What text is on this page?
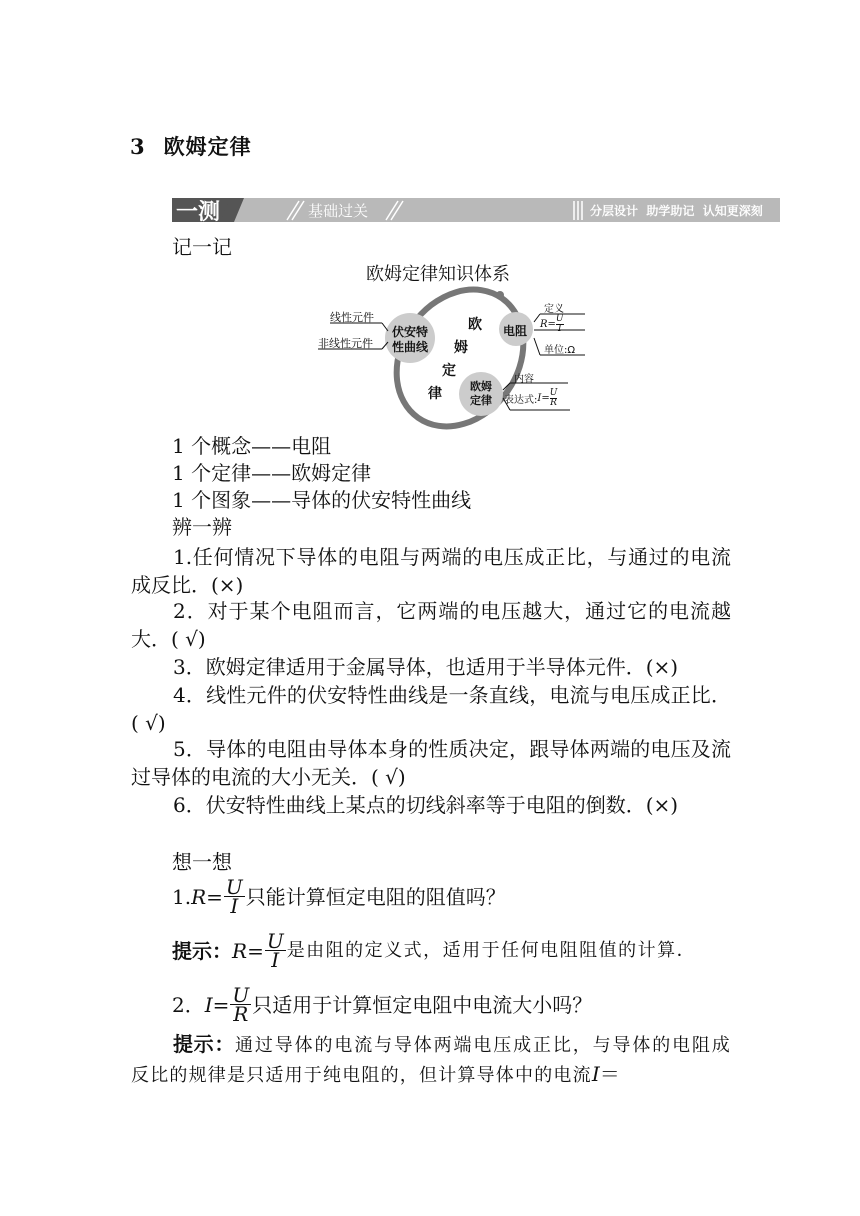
3 欧姆定律
一测	基础过关	分层设计  助学助记  认知更深刻
记一记
欧姆定律知识体系
线性元件
非线性元件
伏安特
性曲线
欧
姆
定
律
电阻
定义
$R= \frac{U}{I}$
单位:Ω
欧姆
定律
内容
表达式: $I= \frac{U}{R}$
1 个概念——电阻
1 个定律——欧姆定律
1 个图象——导体的伏安特性曲线
辨一辨
1.任何情况下导体的电阻与两端的电压成正比，与通过的电流成反比．(×)
2．对于某个电阻而言，它两端的电压越大，通过它的电流越大．( √)
3．欧姆定律适用于金属导体，也适用于半导体元件．(×)
4．线性元件的伏安特性曲线是一条直线，电流与电压成正比．( √)
5．导体的电阻由导体本身的性质决定，跟导体两端的电压及流过导体的电流的大小无关．( √)
6．伏安特性曲线上某点的切线斜率等于电阻的倒数．(×)
想一想
1. $R = \frac{U}{I}$ 只能计算恒定电阻的阻值吗？
提示： $R = \frac{U}{I}$ 是由阻的定义式，适用于任何电阻阻值的计算．
2． $I = \frac{U}{R}$ 只适用于计算恒定电阻中电流大小吗？
提示：通过导体的电流与导体两端电压成正比，与导体的电阻成反比的规律是只适用于纯电阻的，但计算导体中的电流I＝
